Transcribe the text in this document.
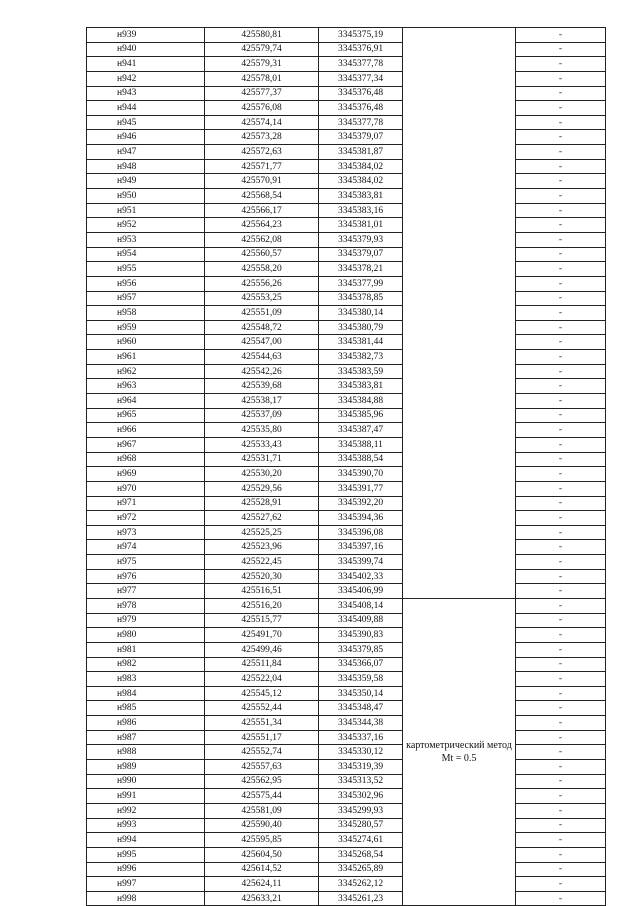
н939	425580,81	3345375,19		-
н940	425579,74	3345376,91		-
н941	425579,31	3345377,78		-
н942	425578,01	3345377,34		-
н943	425577,37	3345376,48		-
н944	425576,08	3345376,48		-
н945	425574,14	3345377,78		-
н946	425573,28	3345379,07		-
н947	425572,63	3345381,87		-
н948	425571,77	3345384,02		-
н949	425570,91	3345384,02		-
н950	425568,54	3345383,81		-
н951	425566,17	3345383,16		-
н952	425564,23	3345381,01		-
н953	425562,08	3345379,93		-
н954	425560,57	3345379,07		-
н955	425558,20	3345378,21		-
н956	425556,26	3345377,99		-
н957	425553,25	3345378,85		-
н958	425551,09	3345380,14		-
н959	425548,72	3345380,79		-
н960	425547,00	3345381,44		-
н961	425544,63	3345382,73		-
н962	425542,26	3345383,59		-
н963	425539,68	3345383,81		-
н964	425538,17	3345384,88		-
н965	425537,09	3345385,96		-
н966	425535,80	3345387,47		-
н967	425533,43	3345388,11		-
н968	425531,71	3345388,54		-
н969	425530,20	3345390,70		-
н970	425529,56	3345391,77		-
н971	425528,91	3345392,20		-
н972	425527,62	3345394,36		-
н973	425525,25	3345396,08		-
н974	425523,96	3345397,16		-
н975	425522,45	3345399,74		-
н976	425520,30	3345402,33		-
н977	425516,51	3345406,99		-
н978	425516,20	3345408,14	картометрический метод Mt = 0.5	-
н979	425515,77	3345409,88		-
н980	425491,70	3345390,83		-
н981	425499,46	3345379,85		-
н982	425511,84	3345366,07		-
н983	425522,04	3345359,58		-
н984	425545,12	3345350,14		-
н985	425552,44	3345348,47		-
н986	425551,34	3345344,38		-
н987	425551,17	3345337,16		-
н988	425552,74	3345330,12		-
н989	425557,63	3345319,39		-
н990	425562,95	3345313,52		-
н991	425575,44	3345302,96		-
н992	425581,09	3345299,93		-
н993	425590,40	3345280,57		-
н994	425595,85	3345274,61		-
н995	425604,50	3345268,54		-
н996	425614,52	3345265,89		-
н997	425624,11	3345262,12		-
н998	425633,21	3345261,23		-
